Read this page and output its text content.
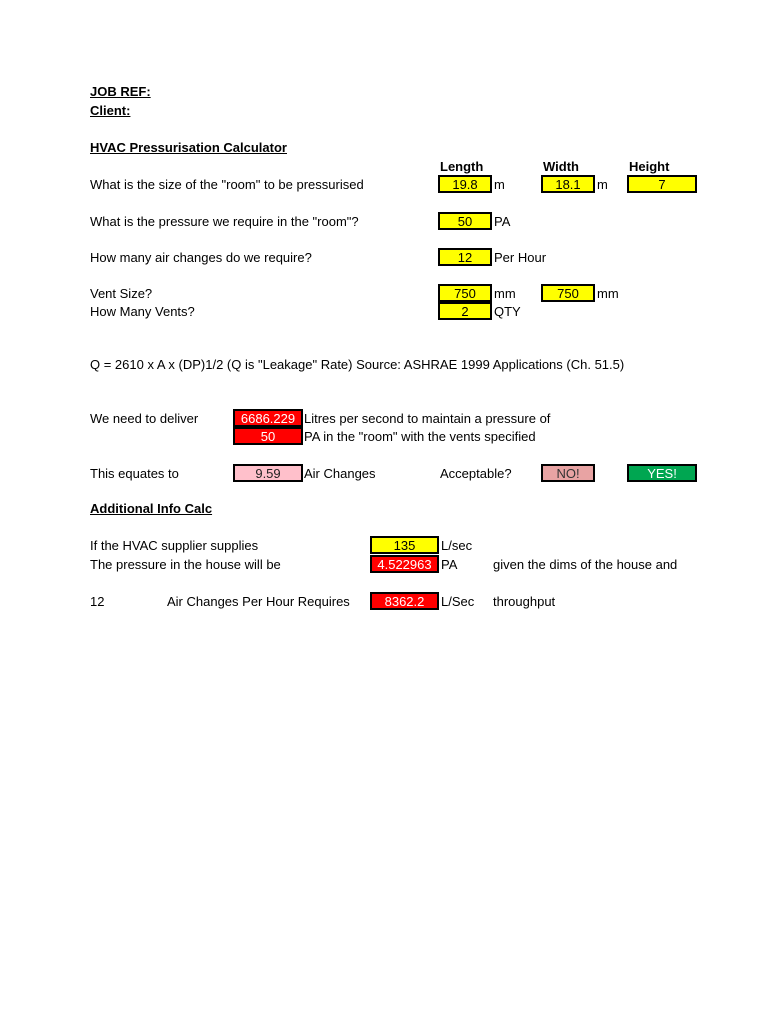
JOB REF:
Client:
HVAC Pressurisation Calculator
Length	Width	Height
What is the size of the "room" to be pressurised	19.8	m	18.1	m	7
What is the pressure we require in the "room"?	50	PA
How many air changes do we require?	12	Per Hour
Vent Size?	750	mm	750	mm
How Many Vents?	2	QTY
Q = 2610 x A x (DP)1/2 (Q is "Leakage" Rate) Source: ASHRAE 1999 Applications (Ch. 51.5)
We need to deliver	6686.229 Litres per second to maintain a pressure of
50	PA in the "room" with the vents specified
This equates to	9.59	Air Changes	Acceptable?	NO!	YES!
Additional Info Calc
If the HVAC supplier supplies	135	L/sec
The pressure in the house will be	4.522963 PA	given the dims of the house and
12	Air Changes Per Hour Requires	8362.2	L/Sec throughput
